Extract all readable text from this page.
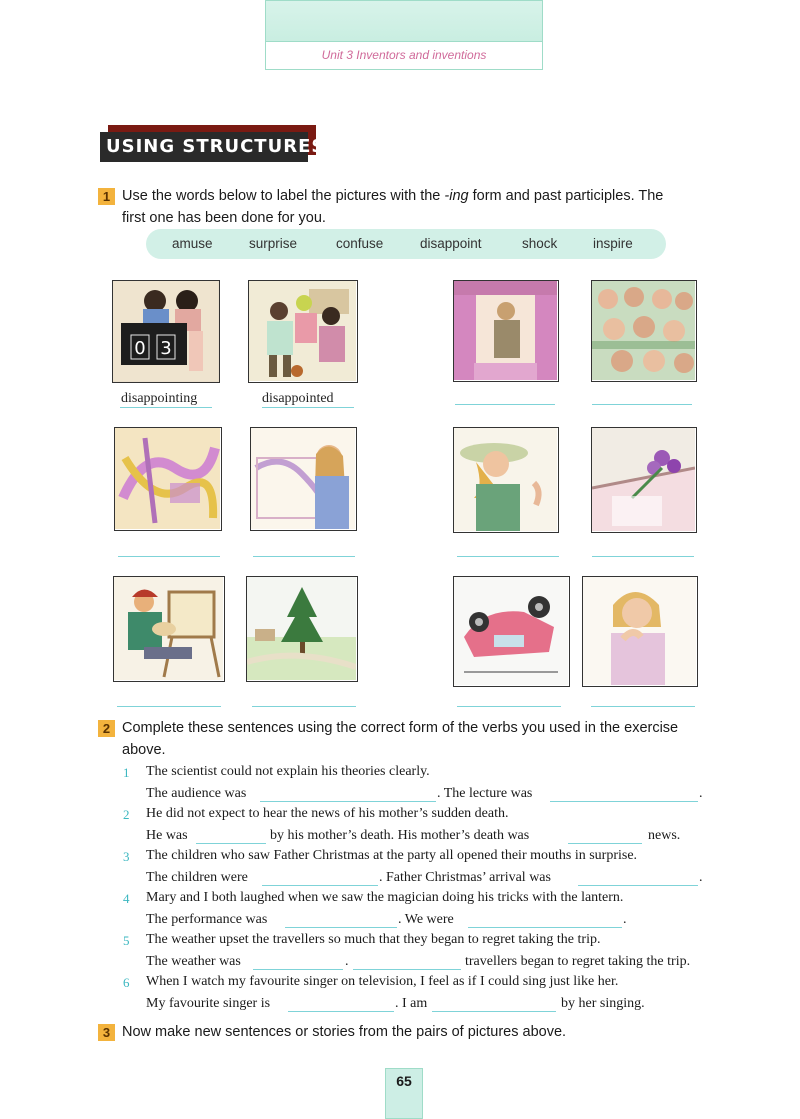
Unit 3 Inventors and inventions
USING STRUCTURES
1 Use the words below to label the pictures with the -ing form and past participles. The
first one has been done for you.
amuse	surprise	confuse	disappoint	shock	inspire
0 3
disappointing	disappointed
2 Complete these sentences using the correct form of the verbs you used in the exercise
above.
1 The scientist could not explain his theories clearly.
The audience was	. The lecture was	.
2 He did not expect to hear the news of his mother’s sudden death.
He was	by his mother’s death. His mother’s death was	news.
3 The children who saw Father Christmas at the party all opened their mouths in surprise.
The children were	. Father Christmas’ arrival was	.
4 Mary and I both laughed when we saw the magician doing his tricks with the lantern.
The performance was	. We were	.
5 The weather upset the travellers so much that they began to regret taking the trip.
The weather was	.	travellers began to regret taking the trip.
6 When I watch my favourite singer on television, I feel as if I could sing just like her.
My favourite singer is	. I am	by her singing.
3 Now make new sentences or stories from the pairs of pictures above.
65
